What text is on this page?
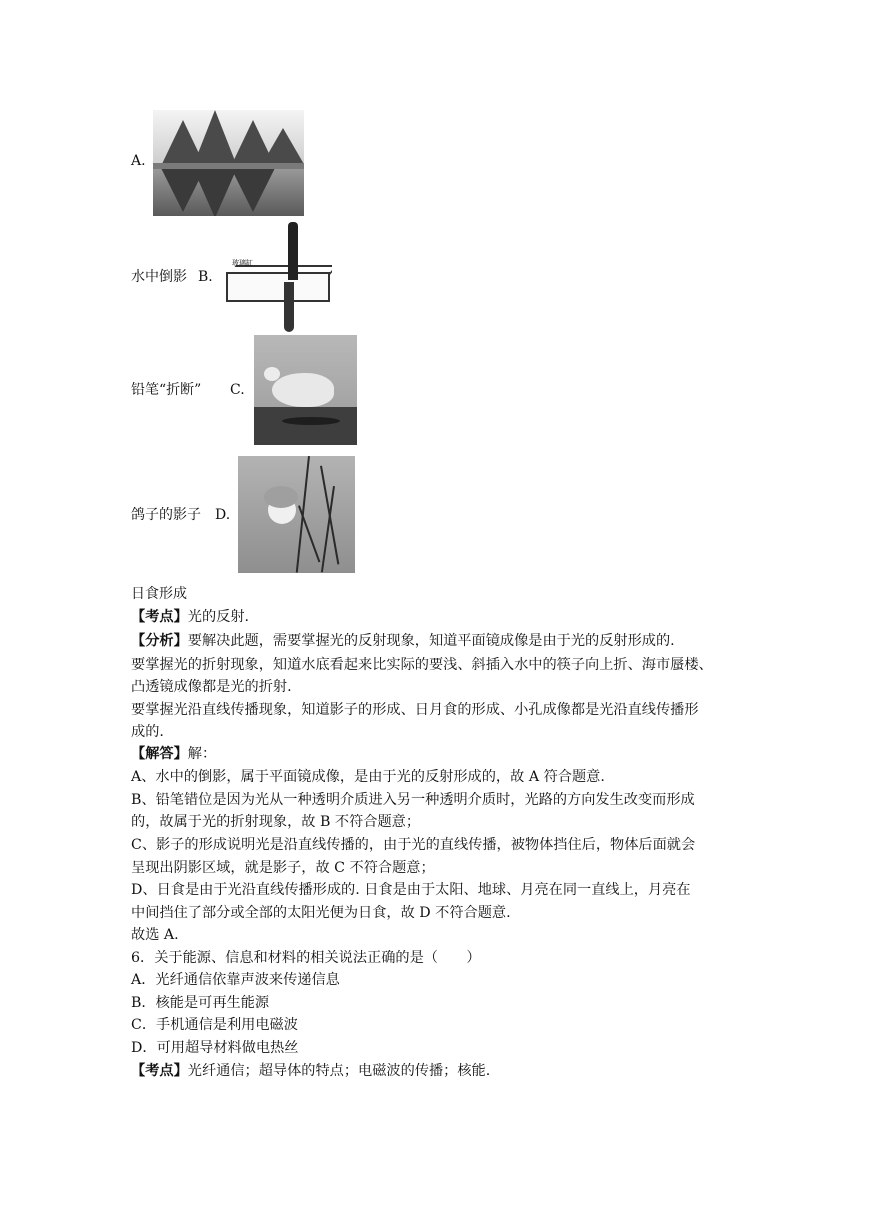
A.
水中倒影 B.
玻璃缸
铅笔“折断” C.
鸽子的影子 D.
日食形成
【考点】光的反射.
【分析】要解决此题，需要掌握光的反射现象，知道平面镜成像是由于光的反射形成的.
要掌握光的折射现象，知道水底看起来比实际的要浅、斜插入水中的筷子向上折、海市蜃楼、
凸透镜成像都是光的折射.
要掌握光沿直线传播现象，知道影子的形成、日月食的形成、小孔成像都是光沿直线传播形
成的.
【解答】解：
A、水中的倒影，属于平面镜成像，是由于光的反射形成的，故 A 符合题意.
B、铅笔错位是因为光从一种透明介质进入另一种透明介质时，光路的方向发生改变而形成
的，故属于光的折射现象，故 B 不符合题意；
C、影子的形成说明光是沿直线传播的，由于光的直线传播，被物体挡住后，物体后面就会
呈现出阴影区域，就是影子，故 C 不符合题意；
D、日食是由于光沿直线传播形成的. 日食是由于太阳、地球、月亮在同一直线上，月亮在
中间挡住了部分或全部的太阳光便为日食，故 D 不符合题意.
故选 A.
6．关于能源、信息和材料的相关说法正确的是（　　）
A．光纤通信依靠声波来传递信息
B．核能是可再生能源
C．手机通信是利用电磁波
D．可用超导材料做电热丝
【考点】光纤通信；超导体的特点；电磁波的传播；核能.
